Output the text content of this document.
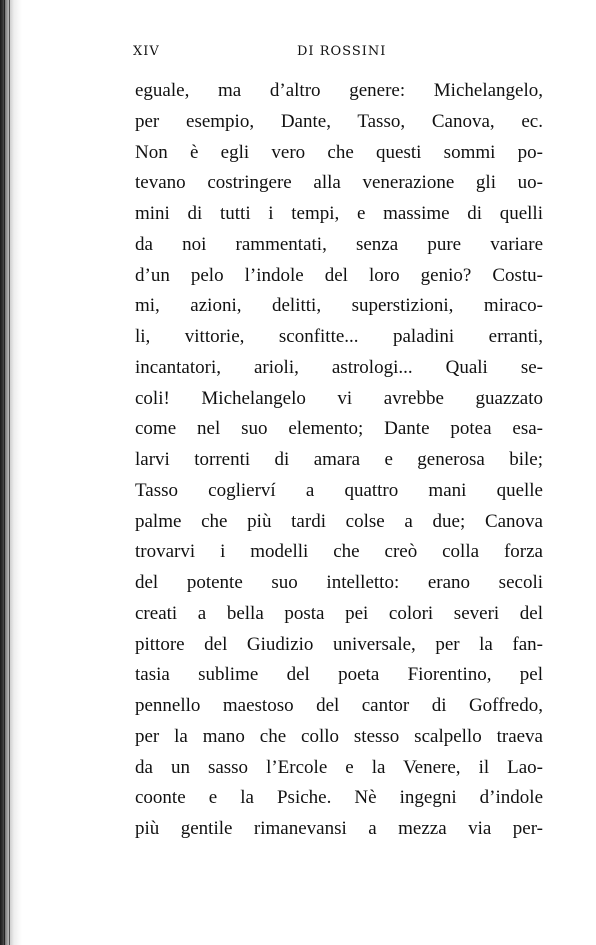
XIV	DI ROSSINI
eguale, ma d’altro genere: Michelangelo,
per esempio, Dante, Tasso, Canova, ec.
Non è egli vero che questi sommi po-
tevano costringere alla venerazione gli uo-
mini di tutti i tempi, e massime di quelli
da noi rammentati, senza pure variare
d’un pelo l’indole del loro genio? Costu-
mi, azioni, delitti, superstizioni, miraco-
li, vittorie, sconfitte... paladini erranti,
incantatori, arioli, astrologi... Quali se-
coli! Michelangelo vi avrebbe guazzato
come nel suo elemento; Dante potea esa-
larvi torrenti di amara e generosa bile;
Tasso coglierví a quattro mani quelle
palme che più tardi colse a due; Canova
trovarvi i modelli che creò colla forza
del potente suo intelletto: erano secoli
creati a bella posta pei colori severi del
pittore del Giudizio universale, per la fan-
tasia sublime del poeta Fiorentino, pel
pennello maestoso del cantor di Goffredo,
per la mano che collo stesso scalpello traeva
da un sasso l’Ercole e la Venere, il Lao-
coonte e la Psiche. Nè ingegni d’indole
più gentile rimanevansi a mezza via per-
